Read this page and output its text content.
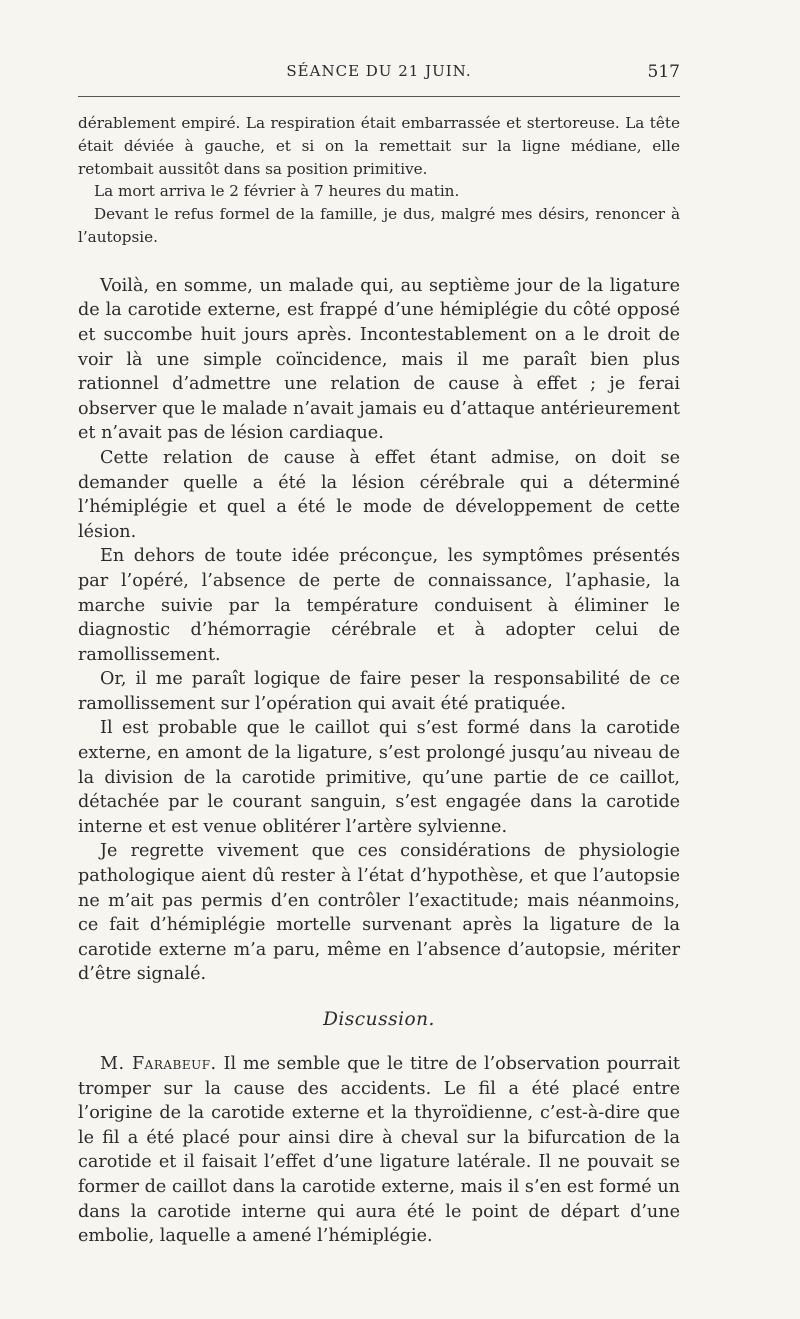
SÉANCE DU 21 JUIN.	517

dérablement empiré. La respiration était embarrassée et stertoreuse. La tête était déviée à gauche, et si on la remettait sur la ligne médiane, elle retombait aussitôt dans sa position primitive.

La mort arriva le 2 février à 7 heures du matin.

Devant le refus formel de la famille, je dus, malgré mes désirs, renoncer à l’autopsie.

Voilà, en somme, un malade qui, au septième jour de la ligature de la carotide externe, est frappé d’une hémiplégie du côté opposé et succombe huit jours après. Incontestablement on a le droit de voir là une simple coïncidence, mais il me paraît bien plus rationnel d’admettre une relation de cause à effet ; je ferai observer que le malade n’avait jamais eu d’attaque antérieurement et n’avait pas de lésion cardiaque.

Cette relation de cause à effet étant admise, on doit se demander quelle a été la lésion cérébrale qui a déterminé l’hémiplégie et quel a été le mode de développement de cette lésion.

En dehors de toute idée préconçue, les symptômes présentés par l’opéré, l’absence de perte de connaissance, l’aphasie, la marche suivie par la température conduisent à éliminer le diagnostic d’hémorragie cérébrale et à adopter celui de ramollissement.

Or, il me paraît logique de faire peser la responsabilité de ce ramollissement sur l’opération qui avait été pratiquée.

Il est probable que le caillot qui s’est formé dans la carotide externe, en amont de la ligature, s’est prolongé jusqu’au niveau de la division de la carotide primitive, qu’une partie de ce caillot, détachée par le courant sanguin, s’est engagée dans la carotide interne et est venue oblitérer l’artère sylvienne.

Je regrette vivement que ces considérations de physiologie pathologique aient dû rester à l’état d’hypothèse, et que l’autopsie ne m’ait pas permis d’en contrôler l’exactitude; mais néanmoins, ce fait d’hémiplégie mortelle survenant après la ligature de la carotide externe m’a paru, même en l’absence d’autopsie, mériter d’être signalé.

Discussion.

M. Farabeuf. Il me semble que le titre de l’observation pourrait tromper sur la cause des accidents. Le fil a été placé entre l’origine de la carotide externe et la thyroïdienne, c’est-à-dire que le fil a été placé pour ainsi dire à cheval sur la bifurcation de la carotide et il faisait l’effet d’une ligature latérale. Il ne pouvait se former de caillot dans la carotide externe, mais il s’en est formé un dans la carotide interne qui aura été le point de départ d’une embolie, laquelle a amené l’hémiplégie.
